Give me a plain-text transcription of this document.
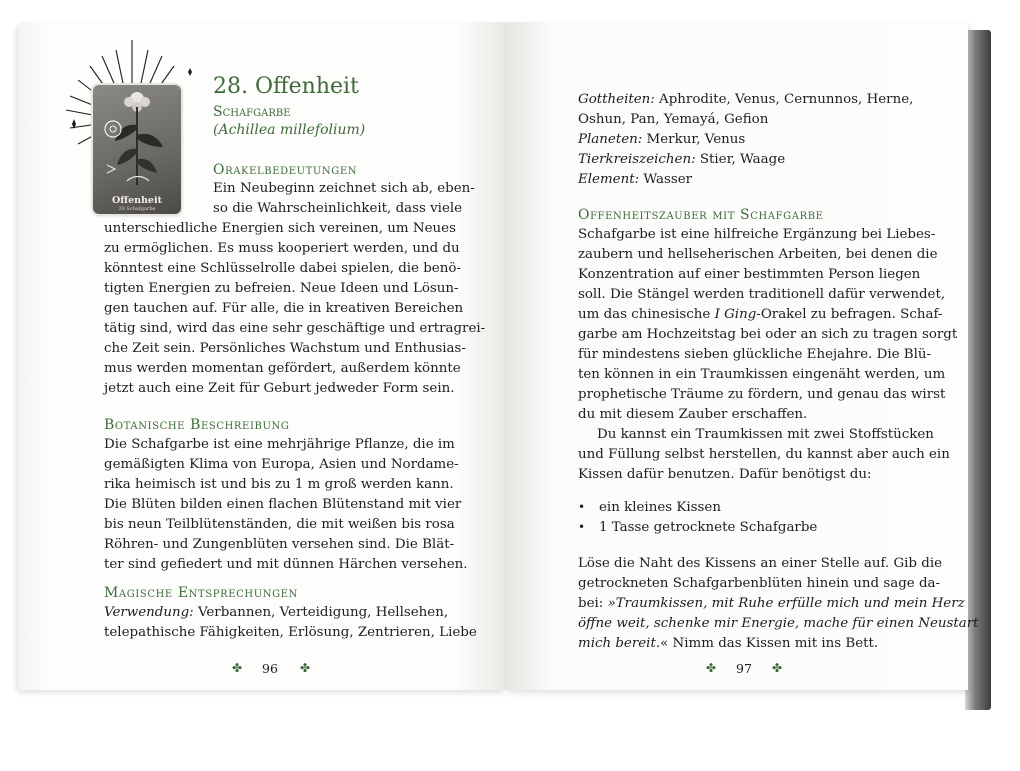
Offenheit
28 Schafgarbe
28. Offenheit
Schafgarbe
(Achillea millefolium)
Orakelbedeutungen
Ein Neubeginn zeichnet sich ab, eben-
so die Wahrscheinlichkeit, dass viele
unterschiedliche Energien sich vereinen, um Neues
zu ermöglichen. Es muss kooperiert werden, und du
könntest eine Schlüsselrolle dabei spielen, die benö-
tigten Energien zu befreien. Neue Ideen und Lösun-
gen tauchen auf. Für alle, die in kreativen Bereichen
tätig sind, wird das eine sehr geschäftige und ertragrei-
che Zeit sein. Persönliches Wachstum und Enthusias-
mus werden momentan gefördert, außerdem könnte
jetzt auch eine Zeit für Geburt jedweder Form sein.
Botanische Beschreibung
Die Schafgarbe ist eine mehrjährige Pflanze, die im
gemäßigten Klima von Europa, Asien und Nordame-
rika heimisch ist und bis zu 1 m groß werden kann.
Die Blüten bilden einen flachen Blütenstand mit vier
bis neun Teilblütenständen, die mit weißen bis rosa
Röhren- und Zungenblüten versehen sind. Die Blät-
ter sind gefiedert und mit dünnen Härchen versehen.
Magische Entsprechungen
Verwendung: Verbannen, Verteidigung, Hellsehen,
telepathische Fähigkeiten, Erlösung, Zentrieren, Liebe
✤ 96 ✤
Gottheiten: Aphrodite, Venus, Cernunnos, Herne,
Oshun, Pan, Yemayá, Gefion
Planeten: Merkur, Venus
Tierkreiszeichen: Stier, Waage
Element: Wasser
Offenheitszauber mit Schafgarbe
Schafgarbe ist eine hilfreiche Ergänzung bei Liebes-
zaubern und hellseherischen Arbeiten, bei denen die
Konzentration auf einer bestimmten Person liegen
soll. Die Stängel werden traditionell dafür verwendet,
um das chinesische I Ging-Orakel zu befragen. Schaf-
garbe am Hochzeitstag bei oder an sich zu tragen sorgt
für mindestens sieben glückliche Ehejahre. Die Blü-
ten können in ein Traumkissen eingenäht werden, um
prophetische Träume zu fördern, und genau das wirst
du mit diesem Zauber erschaffen.
Du kannst ein Traumkissen mit zwei Stoffstücken
und Füllung selbst herstellen, du kannst aber auch ein
Kissen dafür benutzen. Dafür benötigst du:
• ein kleines Kissen
• 1 Tasse getrocknete Schafgarbe
Löse die Naht des Kissens an einer Stelle auf. Gib die
getrockneten Schafgarbenblüten hinein und sage da-
bei: »Traumkissen, mit Ruhe erfülle mich und mein Herz
öffne weit, schenke mir Energie, mache für einen Neustart
mich bereit.« Nimm das Kissen mit ins Bett.
✤ 97 ✤
